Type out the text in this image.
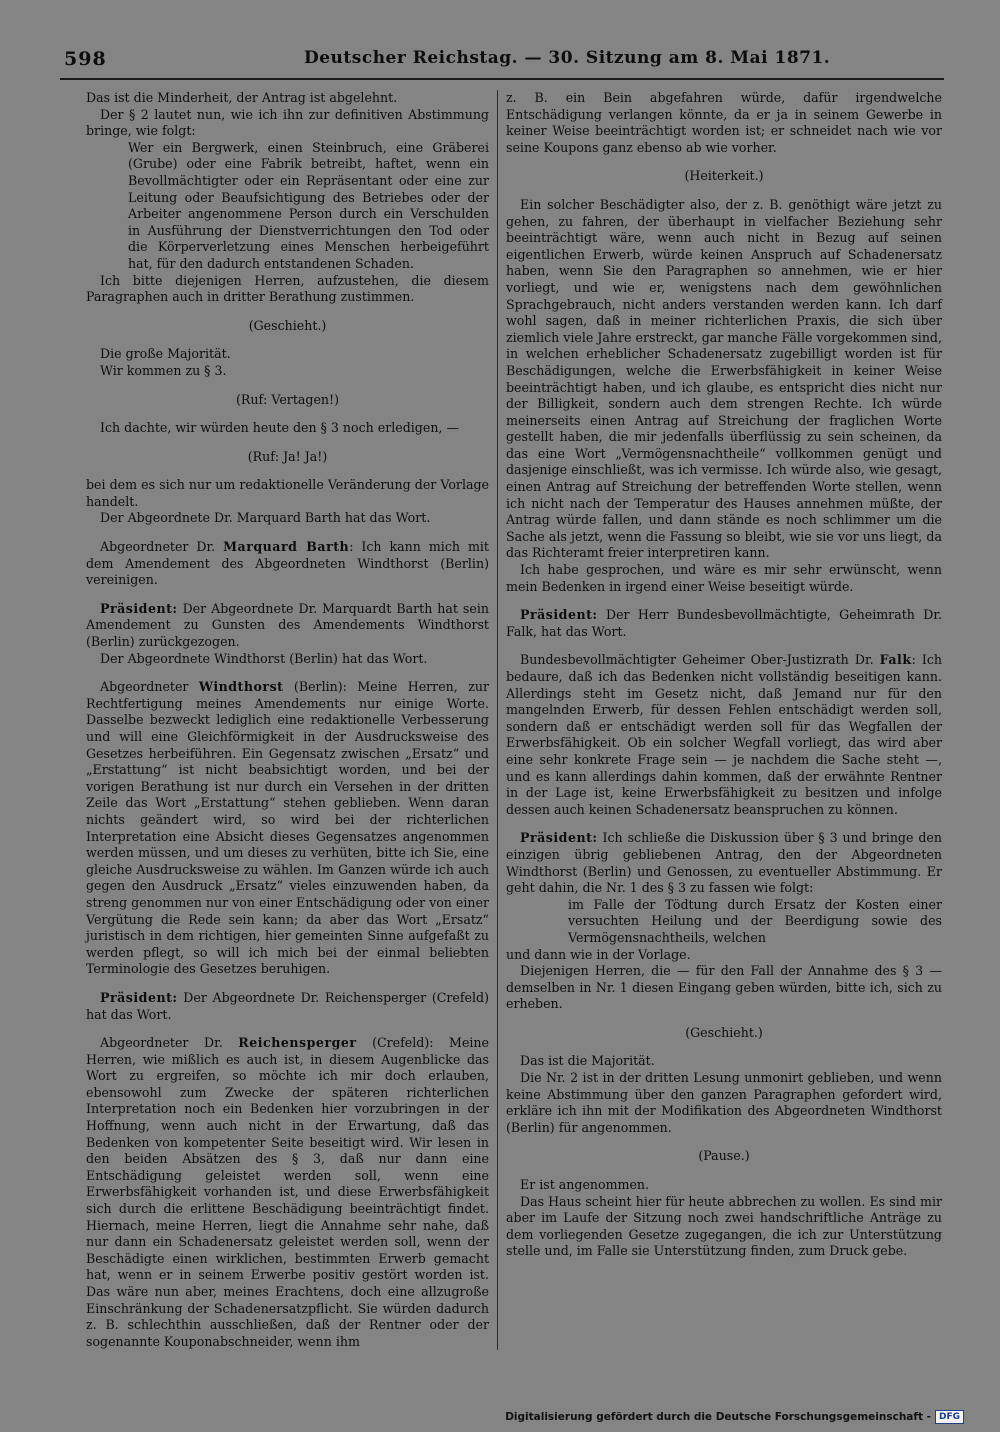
598	Deutscher Reichstag. — 30. Sitzung am 8. Mai 1871.

Das ist die Minderheit, der Antrag ist abgelehnt.

Der § 2 lautet nun, wie ich ihn zur definitiven Abstimmung bringe, wie folgt:

Wer ein Bergwerk, einen Steinbruch, eine Gräberei (Grube) oder eine Fabrik betreibt, haftet, wenn ein Bevollmächtigter oder ein Repräsentant oder eine zur Leitung oder Beaufsichtigung des Betriebes oder der Arbeiter angenommene Person durch ein Verschulden in Ausführung der Dienstverrichtungen den Tod oder die Körperverletzung eines Menschen herbeigeführt hat, für den dadurch entstandenen Schaden.

Ich bitte diejenigen Herren, aufzustehen, die diesem Paragraphen auch in dritter Berathung zustimmen.

(Geschieht.)

Die große Majorität.

Wir kommen zu § 3.

(Ruf: Vertagen!)

Ich dachte, wir würden heute den § 3 noch erledigen, —

(Ruf: Ja! Ja!)

bei dem es sich nur um redaktionelle Veränderung der Vorlage handelt.

Der Abgeordnete Dr. Marquard Barth hat das Wort.

Abgeordneter Dr. Marquard Barth: Ich kann mich mit dem Amendement des Abgeordneten Windthorst (Berlin) vereinigen.

Präsident: Der Abgeordnete Dr. Marquardt Barth hat sein Amendement zu Gunsten des Amendements Windthorst (Berlin) zurückgezogen.

Der Abgeordnete Windthorst (Berlin) hat das Wort.

Abgeordneter Windthorst (Berlin): Meine Herren, zur Rechtfertigung meines Amendements nur einige Worte. Dasselbe bezweckt lediglich eine redaktionelle Verbesserung und will eine Gleichförmigkeit in der Ausdrucksweise des Gesetzes herbeiführen. Ein Gegensatz zwischen „Ersatz“ und „Erstattung“ ist nicht beabsichtigt worden, und bei der vorigen Berathung ist nur durch ein Versehen in der dritten Zeile das Wort „Erstattung“ stehen geblieben. Wenn daran nichts geändert wird, so wird bei der richterlichen Interpretation eine Absicht dieses Gegensatzes angenommen werden müssen, und um dieses zu verhüten, bitte ich Sie, eine gleiche Ausdrucksweise zu wählen. Im Ganzen würde ich auch gegen den Ausdruck „Ersatz“ vieles einzuwenden haben, da streng genommen nur von einer Entschädigung oder von einer Vergütung die Rede sein kann; da aber das Wort „Ersatz“ juristisch in dem richtigen, hier gemeinten Sinne aufgefaßt zu werden pflegt, so will ich mich bei der einmal beliebten Terminologie des Gesetzes beruhigen.

Präsident: Der Abgeordnete Dr. Reichensperger (Crefeld) hat das Wort.

Abgeordneter Dr. Reichensperger (Crefeld): Meine Herren, wie mißlich es auch ist, in diesem Augenblicke das Wort zu ergreifen, so möchte ich mir doch erlauben, ebensowohl zum Zwecke der späteren richterlichen Interpretation noch ein Bedenken hier vorzubringen in der Hoffnung, wenn auch nicht in der Erwartung, daß das Bedenken von kompetenter Seite beseitigt wird. Wir lesen in den beiden Absätzen des § 3, daß nur dann eine Entschädigung geleistet werden soll, wenn eine Erwerbsfähigkeit vorhanden ist, und diese Erwerbsfähigkeit sich durch die erlittene Beschädigung beeinträchtigt findet. Hiernach, meine Herren, liegt die Annahme sehr nahe, daß nur dann ein Schadenersatz geleistet werden soll, wenn der Beschädigte einen wirklichen, bestimmten Erwerb gemacht hat, wenn er in seinem Erwerbe positiv gestört worden ist. Das wäre nun aber, meines Erachtens, doch eine allzugroße Einschränkung der Schadenersatzpflicht. Sie würden dadurch z. B. schlechthin ausschließen, daß der Rentner oder der sogenannte Kouponabschneider, wenn ihm

z. B. ein Bein abgefahren würde, dafür irgendwelche Entschädigung verlangen könnte, da er ja in seinem Gewerbe in keiner Weise beeinträchtigt worden ist; er schneidet nach wie vor seine Koupons ganz ebenso ab wie vorher.

(Heiterkeit.)

Ein solcher Beschädigter also, der z. B. genöthigt wäre jetzt zu gehen, zu fahren, der überhaupt in vielfacher Beziehung sehr beeinträchtigt wäre, wenn auch nicht in Bezug auf seinen eigentlichen Erwerb, würde keinen Anspruch auf Schadenersatz haben, wenn Sie den Paragraphen so annehmen, wie er hier vorliegt, und wie er, wenigstens nach dem gewöhnlichen Sprachgebrauch, nicht anders verstanden werden kann. Ich darf wohl sagen, daß in meiner richterlichen Praxis, die sich über ziemlich viele Jahre erstreckt, gar manche Fälle vorgekommen sind, in welchen erheblicher Schadenersatz zugebilligt worden ist für Beschädigungen, welche die Erwerbsfähigkeit in keiner Weise beeinträchtigt haben, und ich glaube, es entspricht dies nicht nur der Billigkeit, sondern auch dem strengen Rechte. Ich würde meinerseits einen Antrag auf Streichung der fraglichen Worte gestellt haben, die mir jedenfalls überflüssig zu sein scheinen, da das eine Wort „Vermögensnachtheile“ vollkommen genügt und dasjenige einschließt, was ich vermisse. Ich würde also, wie gesagt, einen Antrag auf Streichung der betreffenden Worte stellen, wenn ich nicht nach der Temperatur des Hauses annehmen müßte, der Antrag würde fallen, und dann stände es noch schlimmer um die Sache als jetzt, wenn die Fassung so bleibt, wie sie vor uns liegt, da das Richteramt freier interpretiren kann.

Ich habe gesprochen, und wäre es mir sehr erwünscht, wenn mein Bedenken in irgend einer Weise beseitigt würde.

Präsident: Der Herr Bundesbevollmächtigte, Geheimrath Dr. Falk, hat das Wort.

Bundesbevollmächtigter Geheimer Ober-Justizrath Dr. Falk: Ich bedaure, daß ich das Bedenken nicht vollständig beseitigen kann. Allerdings steht im Gesetz nicht, daß Jemand nur für den mangelnden Erwerb, für dessen Fehlen entschädigt werden soll, sondern daß er entschädigt werden soll für das Wegfallen der Erwerbsfähigkeit. Ob ein solcher Wegfall vorliegt, das wird aber eine sehr konkrete Frage sein — je nachdem die Sache steht —, und es kann allerdings dahin kommen, daß der erwähnte Rentner in der Lage ist, keine Erwerbsfähigkeit zu besitzen und infolge dessen auch keinen Schadenersatz beanspruchen zu können.

Präsident: Ich schließe die Diskussion über § 3 und bringe den einzigen übrig gebliebenen Antrag, den der Abgeordneten Windthorst (Berlin) und Genossen, zu eventueller Abstimmung. Er geht dahin, die Nr. 1 des § 3 zu fassen wie folgt:

im Falle der Tödtung durch Ersatz der Kosten einer versuchten Heilung und der Beerdigung sowie des Vermögensnachtheils, welchen

und dann wie in der Vorlage.

Diejenigen Herren, die — für den Fall der Annahme des § 3 — demselben in Nr. 1 diesen Eingang geben würden, bitte ich, sich zu erheben.

(Geschieht.)

Das ist die Majorität.

Die Nr. 2 ist in der dritten Lesung unmonirt geblieben, und wenn keine Abstimmung über den ganzen Paragraphen gefordert wird, erkläre ich ihn mit der Modifikation des Abgeordneten Windthorst (Berlin) für angenommen.

(Pause.)

Er ist angenommen.

Das Haus scheint hier für heute abbrechen zu wollen. Es sind mir aber im Laufe der Sitzung noch zwei handschriftliche Anträge zu dem vorliegenden Gesetze zugegangen, die ich zur Unterstützung stelle und, im Falle sie Unterstützung finden, zum Druck gebe.

Digitalisierung gefördert durch die Deutsche Forschungsgemeinschaft - DFG
